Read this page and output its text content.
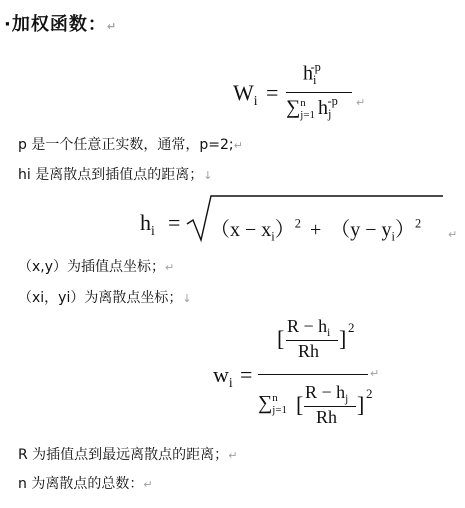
·加权函数：↵
$W_i$ =
$h_i^{-p}$
∑ n
j=1 $h_j^{-p}$ ↵
p 是一个任意正实数，通常，p=2;↵
hi 是离散点到插值点的距离；↓
$h_i = (x - x_i)^2 + (y - y_i)^2$
↵
（x,y）为插值点坐标；↵
（xi，yi）为离散点坐标；↓
$w_i$ =
[ $R - h_i$
Rh ] 2
↵
∑ n
j=1 [ $R - h_j$
Rh ] 2
R 为插值点到最远离散点的距离；↵
n 为离散点的总数：↵
